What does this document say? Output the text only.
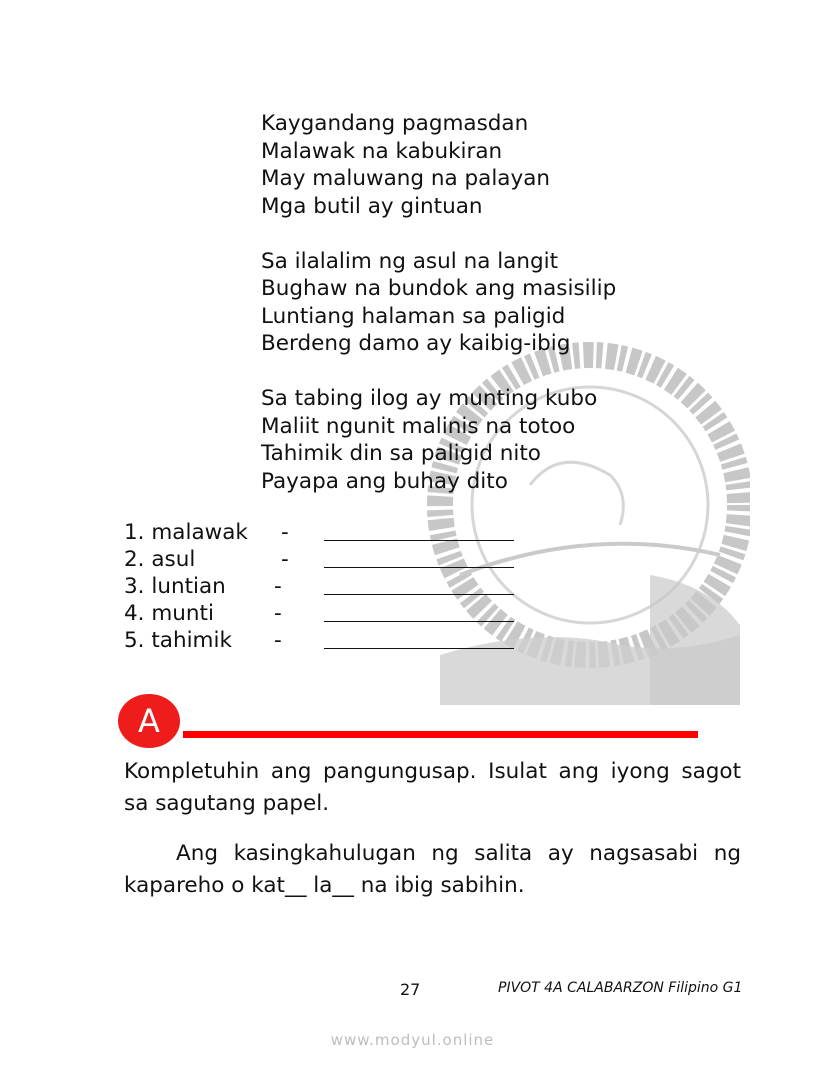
Kaygandang pagmasdan
Malawak na kabukiran
May maluwang na palayan
Mga butil ay gintuan
Sa ilalalim ng asul na langit
Bughaw na bundok ang masisilip
Luntiang halaman sa paligid
Berdeng damo ay kaibig-ibig
Sa tabing ilog ay munting kubo
Maliit ngunit malinis na totoo
Tahimik din sa paligid nito
Payapa ang buhay dito
1. malawak -
2. asul	-
3. luntian -
4. munti	-
5. tahimik -
A
Kompletuhin ang pangungusap. Isulat ang iyong sagot sa sagutang papel.
Ang kasingkahulugan ng salita ay nagsasabi ng kapareho o kat__ la__ na ibig sabihin.
27	PIVOT 4A CALABARZON Filipino G1
www.modyul.online
